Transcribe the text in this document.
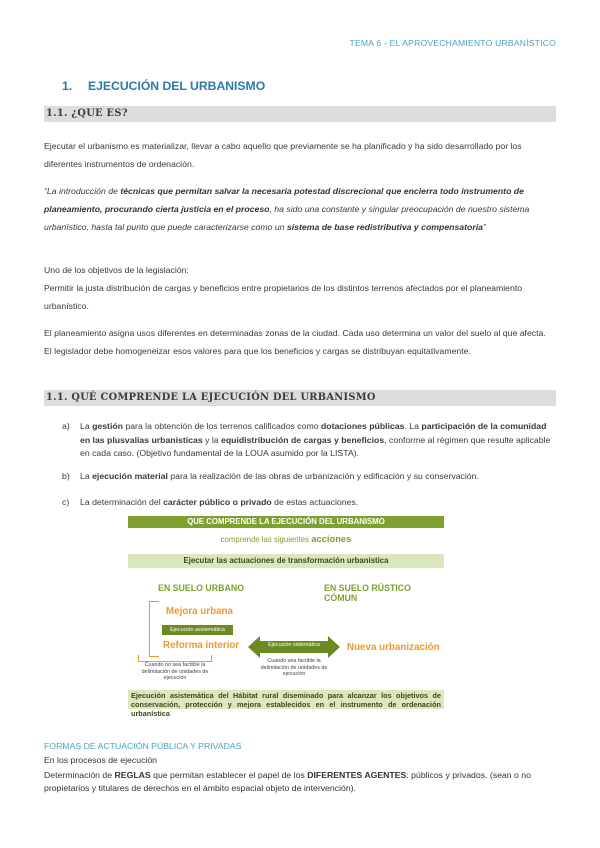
TEMA 6 - EL APROVECHAMIENTO URBANÍSTICO
1. EJECUCIÓN DEL URBANISMO
1.1. ¿QUE ES?
Ejecutar el urbanismo es materializar, llevar a cabo aquello que previamente se ha planificado y ha sido desarrollado por los diferentes instrumentos de ordenación.
“La introducción de técnicas que permitan salvar la necesaria potestad discrecional que encierra todo instrumento de planeamiento, procurando cierta justicia en el proceso, ha sido una constante y singular preocupación de nuestro sistema urbanístico, hasta tal punto que puede caracterizarse como un sistema de base redistributiva y compensatoria”
Uno de los objetivos de la legislación:
Permitir la justa distribución de cargas y beneficios entre propietarios de los distintos terrenos afectados por el planeamiento urbanístico.
El planeamiento asigna usos diferentes en determinadas zonas de la ciudad. Cada uso determina un valor del suelo al que afecta.
El legislador debe homogeneizar esos valores para que los beneficios y cargas se distribuyan equitativamente.
1.1. QUÉ COMPRENDE LA EJECUCIÓN DEL URBANISMO
a) La gestión para la obtención de los terrenos calificados como dotaciones públicas. La participación de la comunidad en las plusvalías urbanísticas y la equidistribución de cargas y beneficios, conforme al régimen que resulte aplicable en cada caso. (Objetivo fundamental de la LOUA asumido por la LISTA).
b) La ejecución material para la realización de las obras de urbanización y edificación y su conservación.
c) La determinación del carácter público o privado de estas actuaciones.
QUE COMPRENDE LA EJECUCIÓN DEL URBANISMO
comprende las siguientes acciones
Ejecutar las actuaciones de transformación urbanística
EN SUELO URBANO	EN SUELO RÚSTICO CÓMUN
Mejora urbana
Ejecución asistemática
Reforma interior	Ejecución sistemática	Nueva urbanización
Cuando no sea factible la delimitación de unidades de ejecución
Cuando sea factible la delimitación de unidades de ejecución
Ejecución asistemática del Hábitat rural diseminado para alcanzar los objetivos de conservación, protección y mejora establecidos en el instrumento de ordenación urbanística
FORMAS DE ACTUACIÓN PÚBLICA Y PRIVADAS
En los procesos de ejecución
Determinación de REGLAS que permitan establecer el papel de los DIFERENTES AGENTES: públicos y privados. (sean o no propietarios y titulares de derechos en el ámbito espacial objeto de intervención).
